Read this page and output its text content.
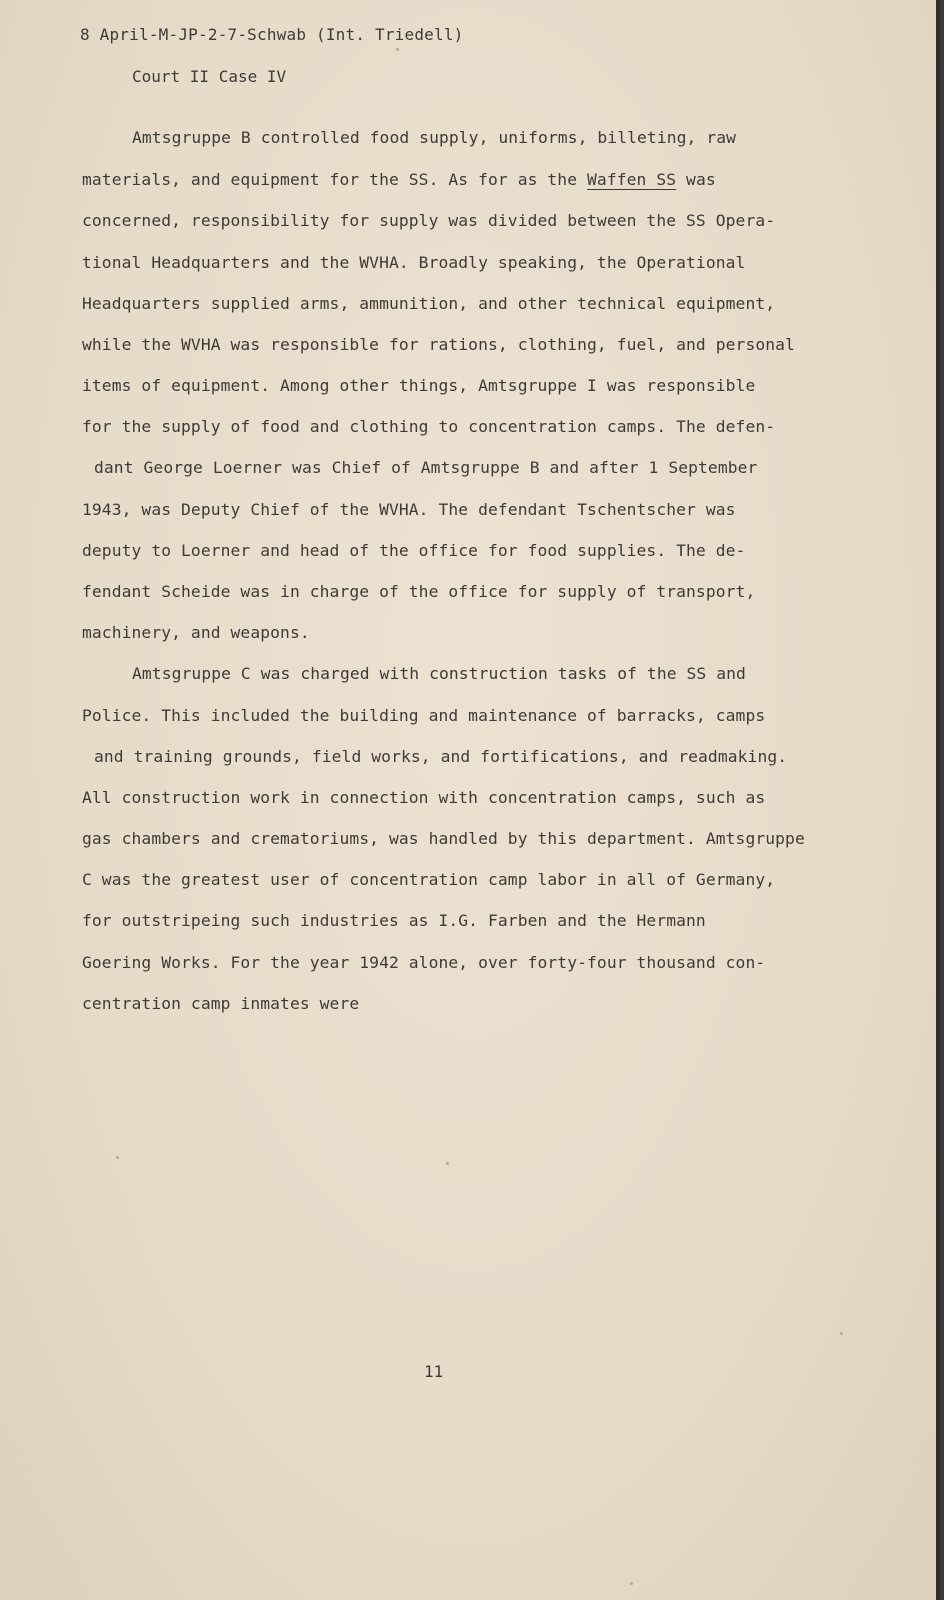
8 April-M-JP-2-7-Schwab (Int. Triedell)
Court II Case IV
Amtsgruppe B controlled food supply, uniforms, billeting, raw
materials, and equipment for the SS. As for as the Waffen SS was
concerned, responsibility for supply was divided between the SS Opera-
tional Headquarters and the WVHA. Broadly speaking, the Operational
Headquarters supplied arms, ammunition, and other technical equipment,
while the WVHA was responsible for rations, clothing, fuel, and personal
items of equipment. Among other things, Amtsgruppe I was responsible
for the supply of food and clothing to concentration camps. The defen-
dant George Loerner was Chief of Amtsgruppe B and after 1 September
1943, was Deputy Chief of the WVHA. The defendant Tschentscher was
deputy to Loerner and head of the office for food supplies. The de-
fendant Scheide was in charge of the office for supply of transport,
machinery, and weapons.
Amtsgruppe C was charged with construction tasks of the SS and
Police. This included the building and maintenance of barracks, camps
and training grounds, field works, and fortifications, and readmaking.
All construction work in connection with concentration camps, such as
gas chambers and crematoriums, was handled by this department. Amtsgruppe
C was the greatest user of concentration camp labor in all of Germany,
for outstripeing such industries as I.G. Farben and the Hermann
Goering Works. For the year 1942 alone, over forty-four thousand con-
centration camp inmates were
11
